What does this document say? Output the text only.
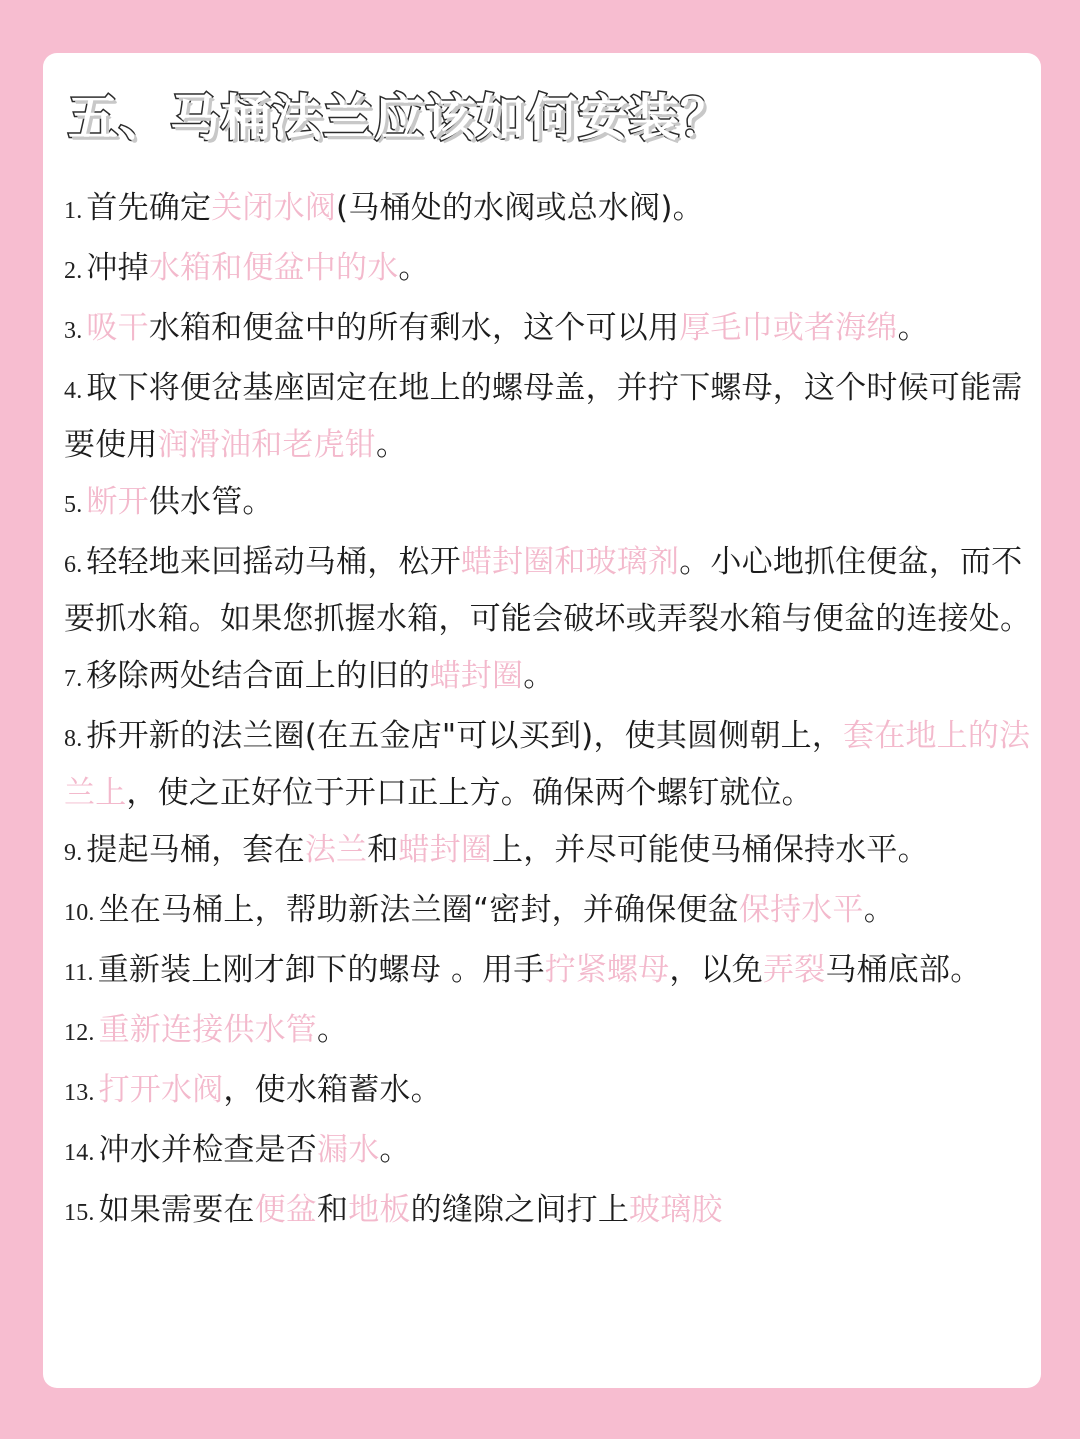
五、马桶法兰应该如何安装？
1. 首先确定关闭水阀(马桶处的水阀或总水阀)。
2. 冲掉水箱和便盆中的水。
3. 吸干水箱和便盆中的所有剩水，这个可以用厚毛巾或者海绵。
4. 取下将便岔基座固定在地上的螺母盖，并拧下螺母，这个时候可能需要使用润滑油和老虎钳。
5. 断开供水管。
6. 轻轻地来回摇动马桶，松开蜡封圈和玻璃剂。小心地抓住便盆，而不要抓水箱。如果您抓握水箱，可能会破坏或弄裂水箱与便盆的连接处。
7. 移除两处结合面上的旧的蜡封圈。
8. 拆开新的法兰圈(在五金店"可以买到)，使其圆侧朝上，套在地上的法兰上，使之正好位于开口正上方。确保两个螺钉就位。
9. 提起马桶，套在法兰和蜡封圈上，并尽可能使马桶保持水平。
10. 坐在马桶上，帮助新法兰圈“密封，并确保便盆保持水平。
11. 重新装上刚才卸下的螺母 。用手拧紧螺母，以免弄裂马桶底部。
12. 重新连接供水管。
13. 打开水阀，使水箱蓄水。
14. 冲水并检查是否漏水。
15. 如果需要在便盆和地板的缝隙之间打上玻璃胶
